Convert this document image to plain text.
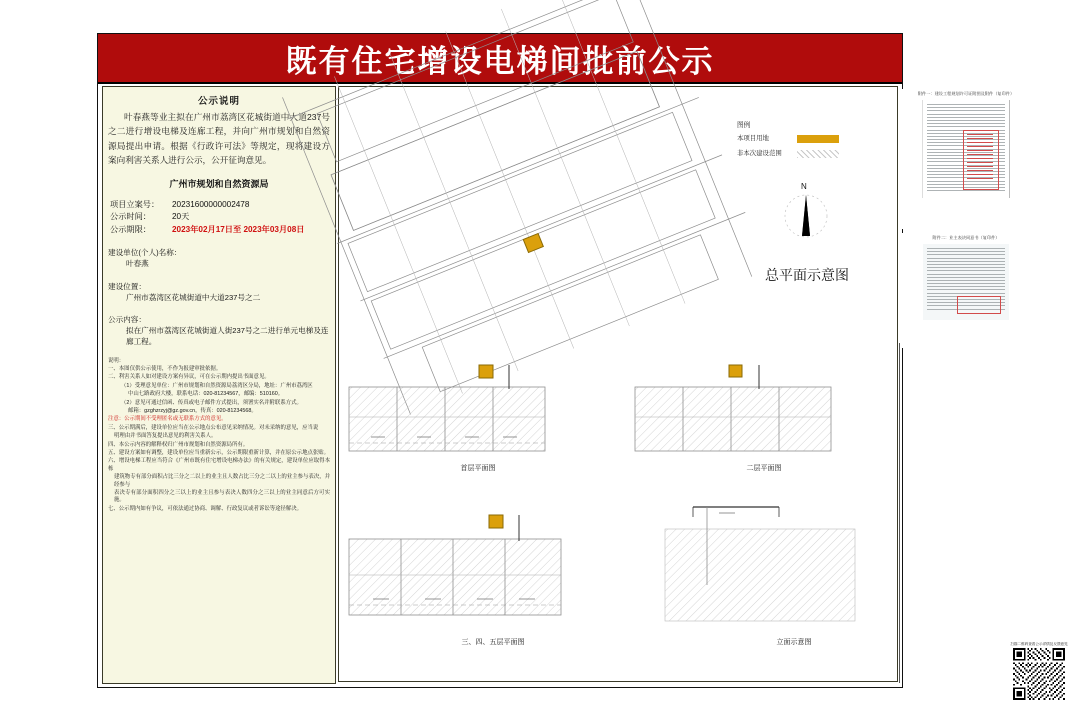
既有住宅增设电梯间批前公示
公示说明

叶春燕等业主拟在广州市荔湾区花城街道中大道237号之二进行增设电梯及连廊工程，并向广州市规划和自然资源局提出申请。根据《行政许可法》等规定，现将建设方案向利害关系人进行公示，公开征询意见。

广州市规划和自然资源局
项目立案号：	20231600000002478
公示时间：	20天
公示期限：	2023年02月17日至 2023年03月08日
建设单位(个人)名称：
叶春燕
建设位置：
广州市荔湾区花城街道中大道237号之二
公示内容：
拟在广州市荔湾区花城街道人街237号之二进行单元电梯及连廊工程。
说明：
一、本图仅供公示使用，不作为报建审批依据。
二、利害关系人如对建设方案有异议，可在公示期内提出书面意见。
（1）受理意见单位：广州市规划和自然资源局荔湾区分局，地址：广州市荔湾区
中山七路政府大楼，联系电话：020-81234567，邮编：510160。
（2）意见可通过信函、传真或电子邮件方式提出，须署实名并附联系方式。
邮箱：gzghzrzyj@gz.gov.cn，传真：020-81234568。
注意：公示期间不受理匿名或无联系方式的意见。
三、公示期满后，建设单位应当在公示地点公布意见采纳情况。对未采纳的意见，应当说
明理由并书面答复提出意见的利害关系人。
四、本公示内容的解释权归广州市规划和自然资源局所有。
五、建设方案如有调整，建设单位应当重新公示，公示期限重新计算，并在原公示地点张贴。
六、增设电梯工程应当符合《广州市既有住宅增设电梯办法》的有关规定，建设单位应取得本栋
建筑物专有部分面积占比三分之二以上的业主且人数占比三分之二以上的业主参与表决，并经参与
表决专有部分面积四分之三以上的业主且参与表决人数四分之三以上的业主同意后方可实施。
七、公示期内如有争议，可依法通过协商、调解、行政复议或者诉讼等途径解决。
图例
本项目用地
非本次建设范围
N
总平面示意图
附件一：建设工程规划许可证附图及附件（复印件）
附件二：业主表决同意书（复印件）
首层平面图	二层平面图
三、四、五层平面图	立面示意图	扫描二维码查看公示详情及反馈意见
